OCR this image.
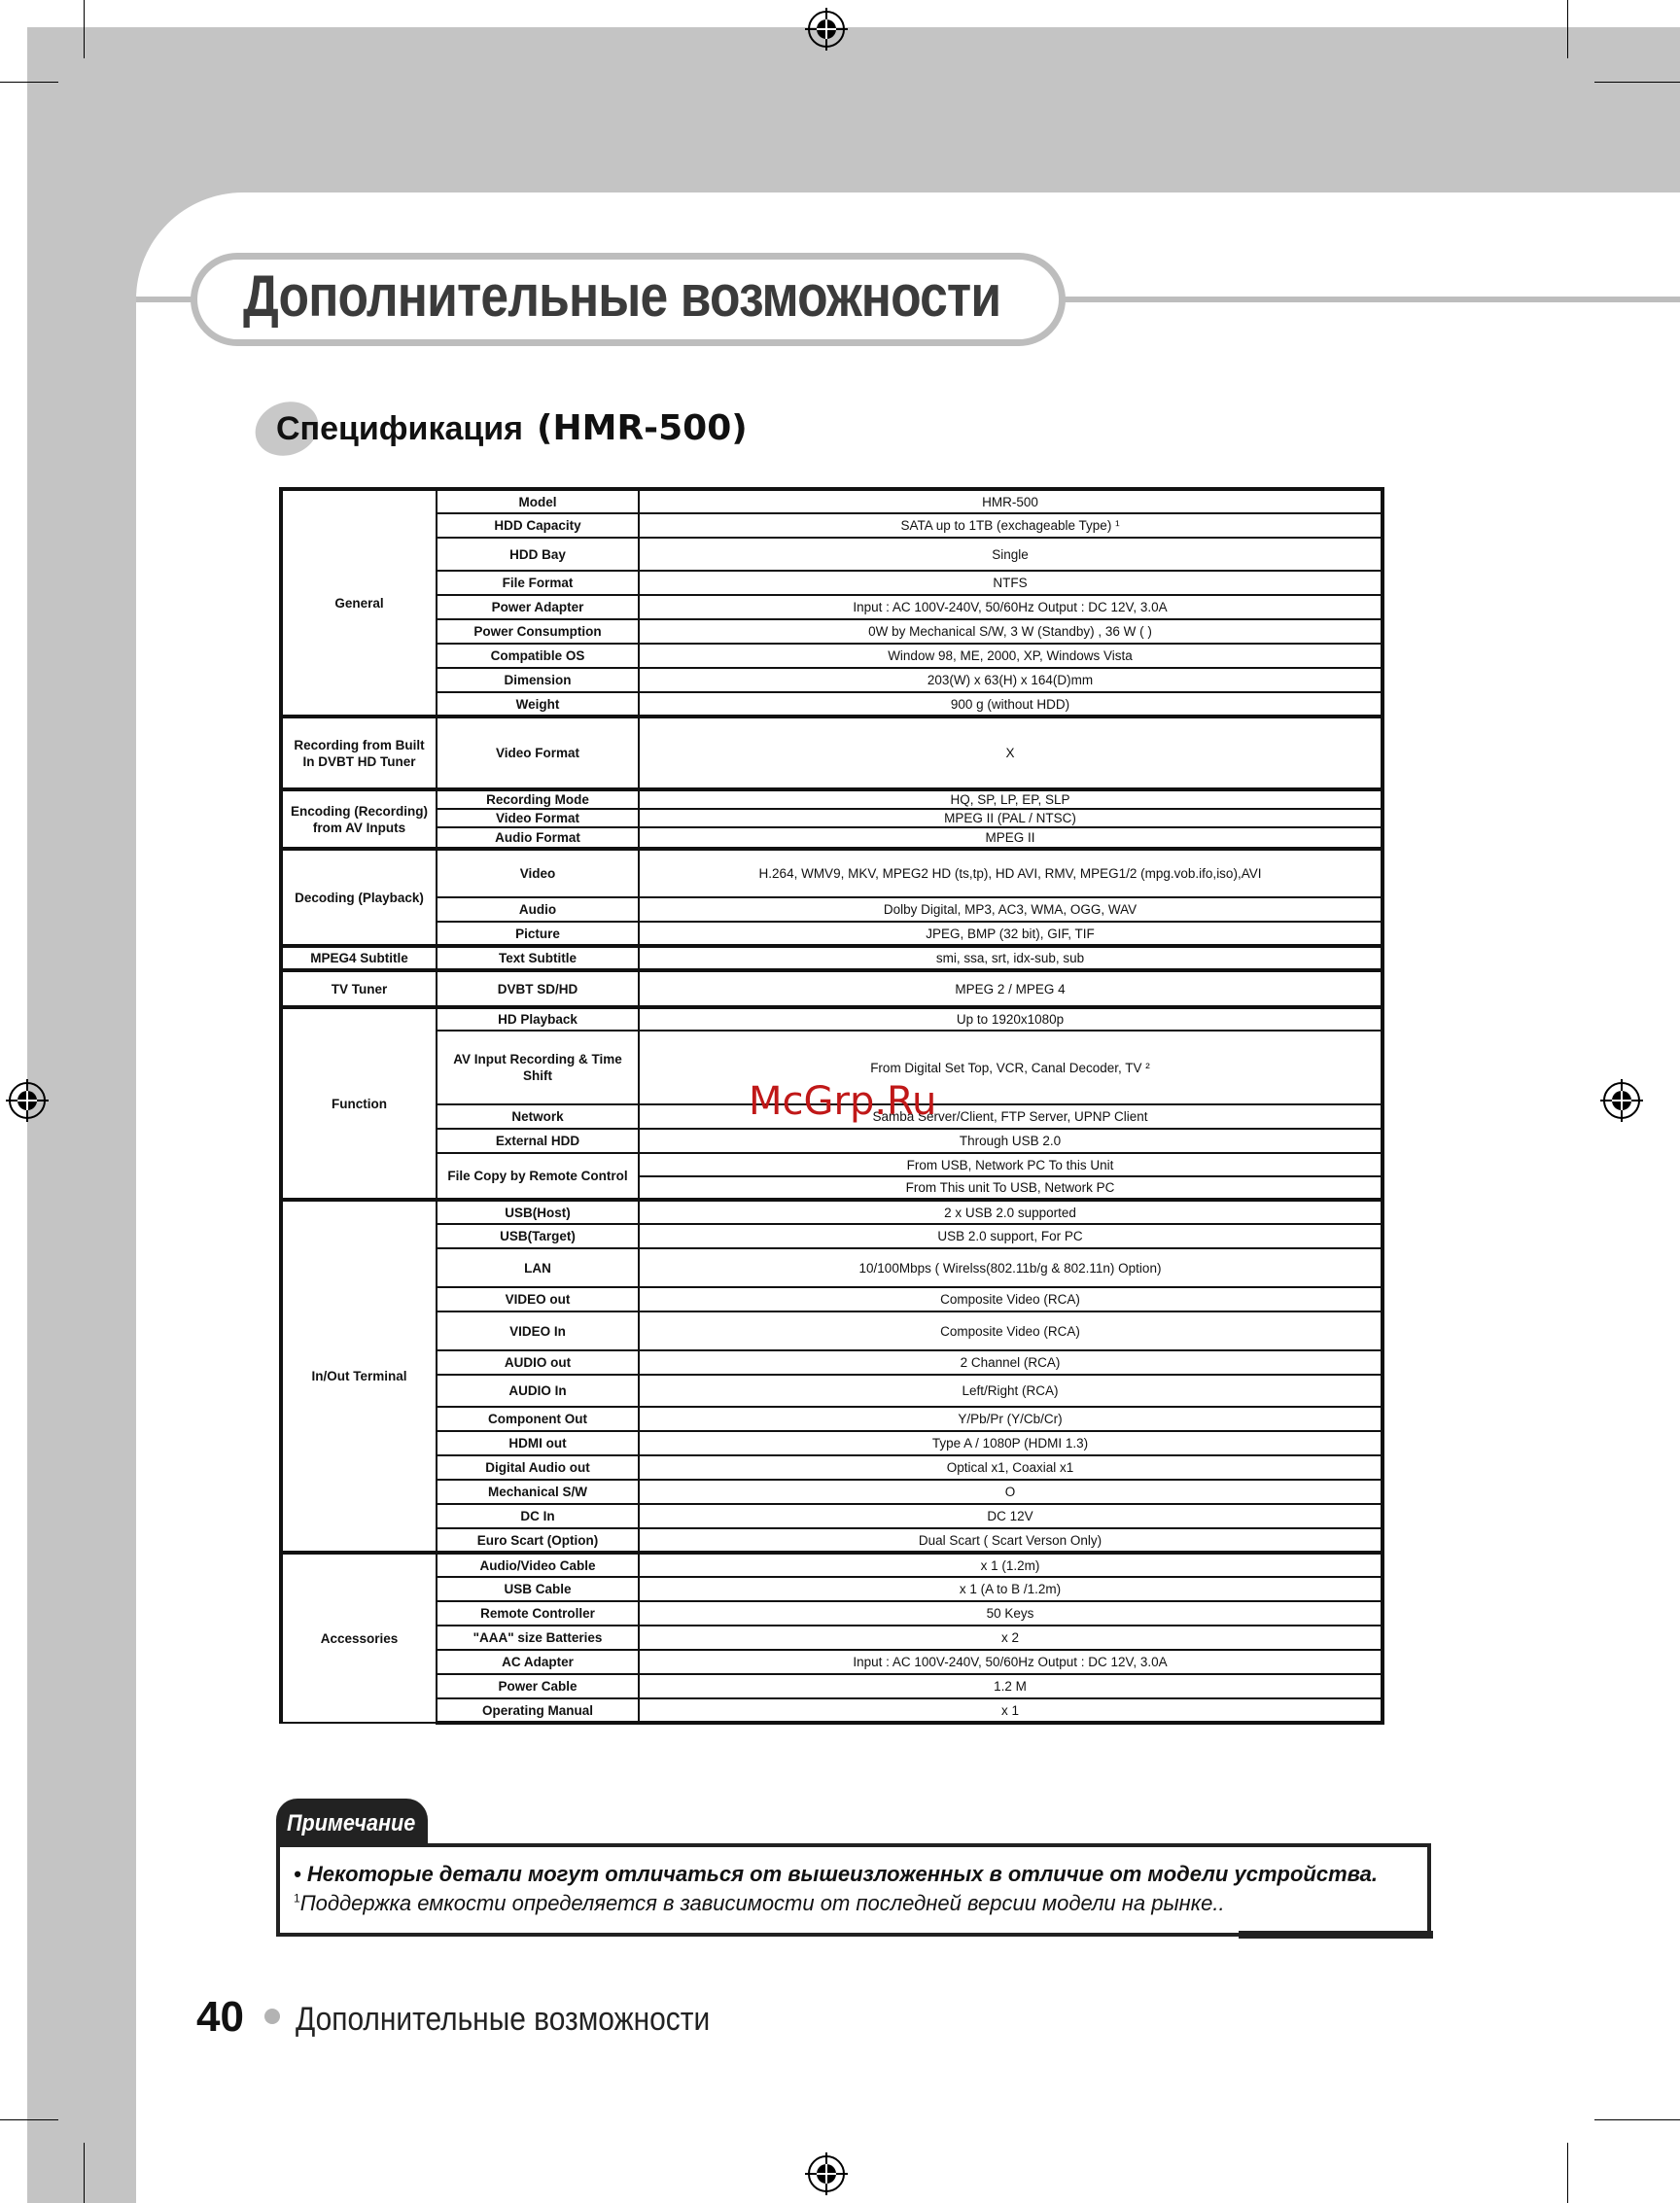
Дополнительные возможности
Спецификация (HMR-500)
General	Model	HMR-500
	HDD Capacity	SATA up to 1TB (exchageable Type) ¹
	HDD Bay	Single
	File Format	NTFS
	Power Adapter	Input : AC 100V-240V, 50/60Hz Output : DC 12V, 3.0A
	Power Consumption	0W by Mechanical S/W, 3 W (Standby) , 36 W ( )
	Compatible OS	Window 98, ME, 2000, XP, Windows Vista
	Dimension	203(W) x 63(H) x 164(D)mm
	Weight	900 g (without HDD)
Recording from Built In DVBT HD Tuner	Video Format	X
Encoding (Recording) from AV Inputs	Recording Mode	HQ, SP, LP, EP, SLP
	Video Format	MPEG II (PAL / NTSC)
	Audio Format	MPEG II
Decoding (Playback)	Video	H.264, WMV9, MKV, MPEG2 HD (ts,tp), HD AVI, RMV, MPEG1/2 (mpg.vob.ifo,iso),AVI
	Audio	Dolby Digital, MP3, AC3, WMA, OGG, WAV
	Picture	JPEG, BMP (32 bit), GIF, TIF
MPEG4 Subtitle	Text Subtitle	smi, ssa, srt, idx-sub, sub
TV Tuner	DVBT SD/HD	MPEG 2 / MPEG 4
Function	HD Playback	Up to 1920x1080p
	AV Input Recording & Time Shift	From Digital Set Top, VCR, Canal Decoder, TV ²
	Network	Samba Server/Client, FTP Server, UPNP Client
	External HDD	Through USB 2.0
	File Copy by Remote Control	From USB, Network PC To this Unit
		From This unit To USB, Network PC
In/Out Terminal	USB(Host)	2 x USB 2.0 supported
	USB(Target)	USB 2.0 support, For PC
	LAN	10/100Mbps ( Wirelss(802.11b/g & 802.11n) Option)
	VIDEO out	Composite Video (RCA)
	VIDEO In	Composite Video (RCA)
	AUDIO out	2 Channel (RCA)
	AUDIO In	Left/Right (RCA)
	Component Out	Y/Pb/Pr (Y/Cb/Cr)
	HDMI out	Type A / 1080P (HDMI 1.3)
	Digital Audio out	Optical x1, Coaxial x1
	Mechanical S/W	O
	DC In	DC 12V
	Euro Scart (Option)	Dual Scart ( Scart Verson Only)
Accessories	Audio/Video Cable	x 1 (1.2m)
	USB Cable	x 1 (A to B /1.2m)
	Remote Controller	50 Keys
	"AAA" size Batteries	x 2
	AC Adapter	Input : AC 100V-240V, 50/60Hz Output : DC 12V, 3.0A
	Power Cable	1.2 M
	Operating Manual	x 1
McGrp.Ru
Примечание
• Некоторые детали могут отличаться от вышеизложенных в отличие от модели устройства.
$^1$Поддержка емкости определяется в зависимости от последней версии модели на рынке..
40 Дополнительные возможности
